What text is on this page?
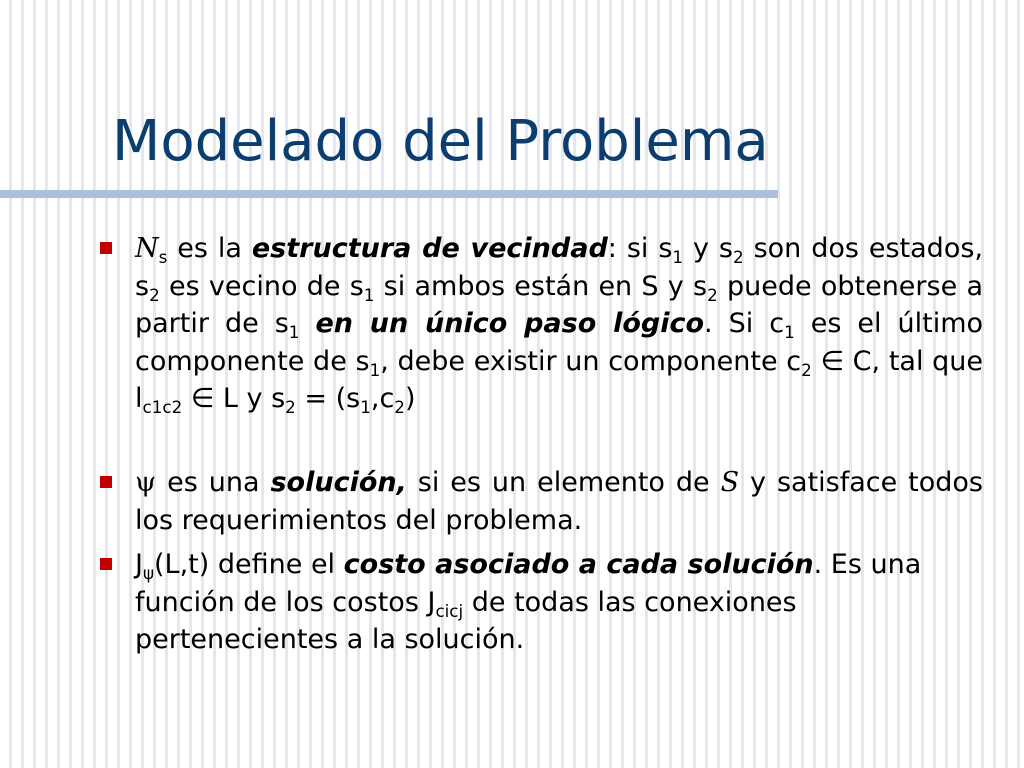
Modelado del Problema
$N_s$ es la estructura de vecindad: si $s_1$ y $s_2$ son dos estados, $s_2$ es vecino de $s_1$ si ambos están en S y $s_2$ puede obtenerse a partir de $s_1$ en un único paso lógico. Si $c_1$ es el último componente de $s_1$, debe existir un componente $c_2$ ∈ C, tal que $l_{c1c2}$ ∈ L y $s_2 = (s_1,c_2)$
ψ es una solución, si es un elemento de S y satisface todos los requerimientos del problema.
$J_\psi(L,t)$ define el costo asociado a cada solución. Es una función de los costos $J_{cicj}$ de todas las conexiones pertenecientes a la solución.
